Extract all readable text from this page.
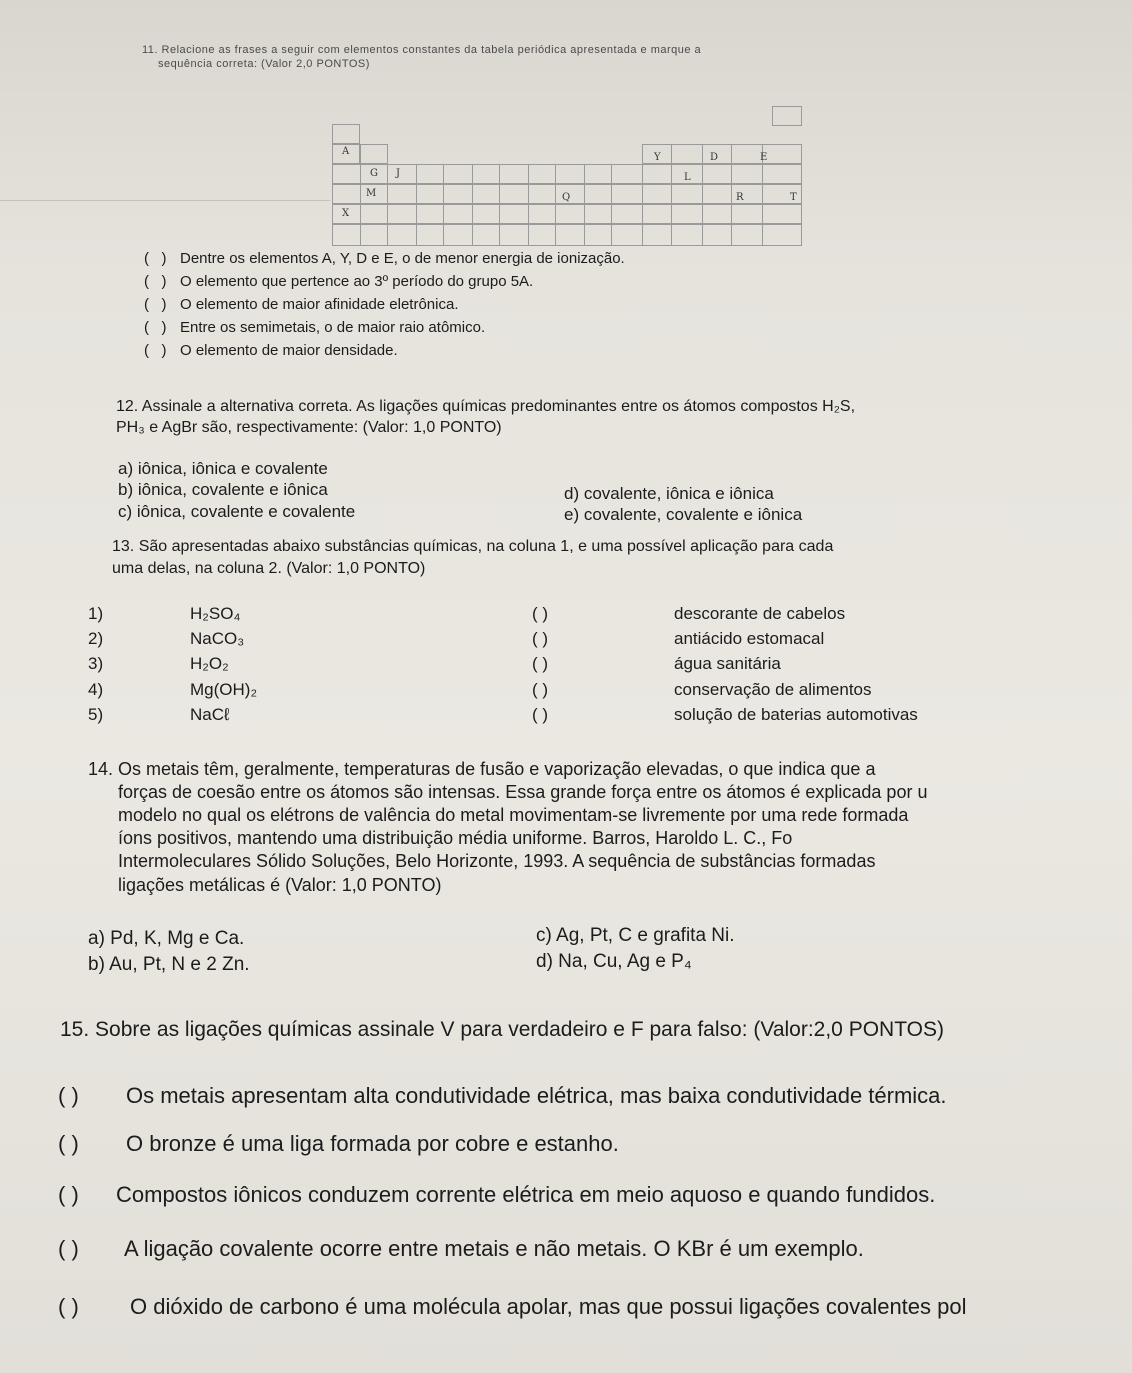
11. Relacione as frases a seguir com elementos constantes da tabela periódica apresentada e marque a
sequência correta: (Valor 2,0 PONTOS)
A
Y	D	E
G J	L
M	Q	R	T
X
(   ) Dentre os elementos A, Y, D e E, o de menor energia de ionização.
(   ) O elemento que pertence ao 3º período do grupo 5A.
(   ) O elemento de maior afinidade eletrônica.
(   ) Entre os semimetais, o de maior raio atômico.
(   ) O elemento de maior densidade.
12. Assinale a alternativa correta. As ligações químicas predominantes entre os átomos compostos H₂S,
PH₃ e AgBr são, respectivamente: (Valor: 1,0 PONTO)
a) iônica, iônica e covalente
b) iônica, covalente e iônica
c) iônica, covalente e covalente
d) covalente, iônica e iônica
e) covalente, covalente e iônica
13. São apresentadas abaixo substâncias químicas, na coluna 1, e uma possível aplicação para cada
uma delas, na coluna 2. (Valor: 1,0 PONTO)
1)	H₂SO₄	( )	descorante de cabelos
2)	NaCO₃	( )	antiácido estomacal
3)	H₂O₂	( )	água sanitária
4)	Mg(OH)₂	( )	conservação de alimentos
5)	NaCℓ	( )	solução de baterias automotivas
14. Os metais têm, geralmente, temperaturas de fusão e vaporização elevadas, o que indica que a
forças de coesão entre os átomos são intensas. Essa grande força entre os átomos é explicada por u
modelo no qual os elétrons de valência do metal movimentam-se livremente por uma rede formada
íons positivos, mantendo uma distribuição média uniforme. Barros, Haroldo L. C., Fo
Intermoleculares Sólido Soluções, Belo Horizonte, 1993. A sequência de substâncias formadas
ligações metálicas é (Valor: 1,0 PONTO)
a) Pd, K, Mg e Ca.
b) Au, Pt, N e 2 Zn.
c) Ag, Pt, C e grafita Ni.
d) Na, Cu, Ag e P₄
15. Sobre as ligações químicas assinale V para verdadeiro e F para falso: (Valor:2,0 PONTOS)
( ) Os metais apresentam alta condutividade elétrica, mas baixa condutividade térmica.
( ) O bronze é uma liga formada por cobre e estanho.
( ) Compostos iônicos conduzem corrente elétrica em meio aquoso e quando fundidos.
( ) A ligação covalente ocorre entre metais e não metais. O KBr é um exemplo.
( ) O dióxido de carbono é uma molécula apolar, mas que possui ligações covalentes pol
